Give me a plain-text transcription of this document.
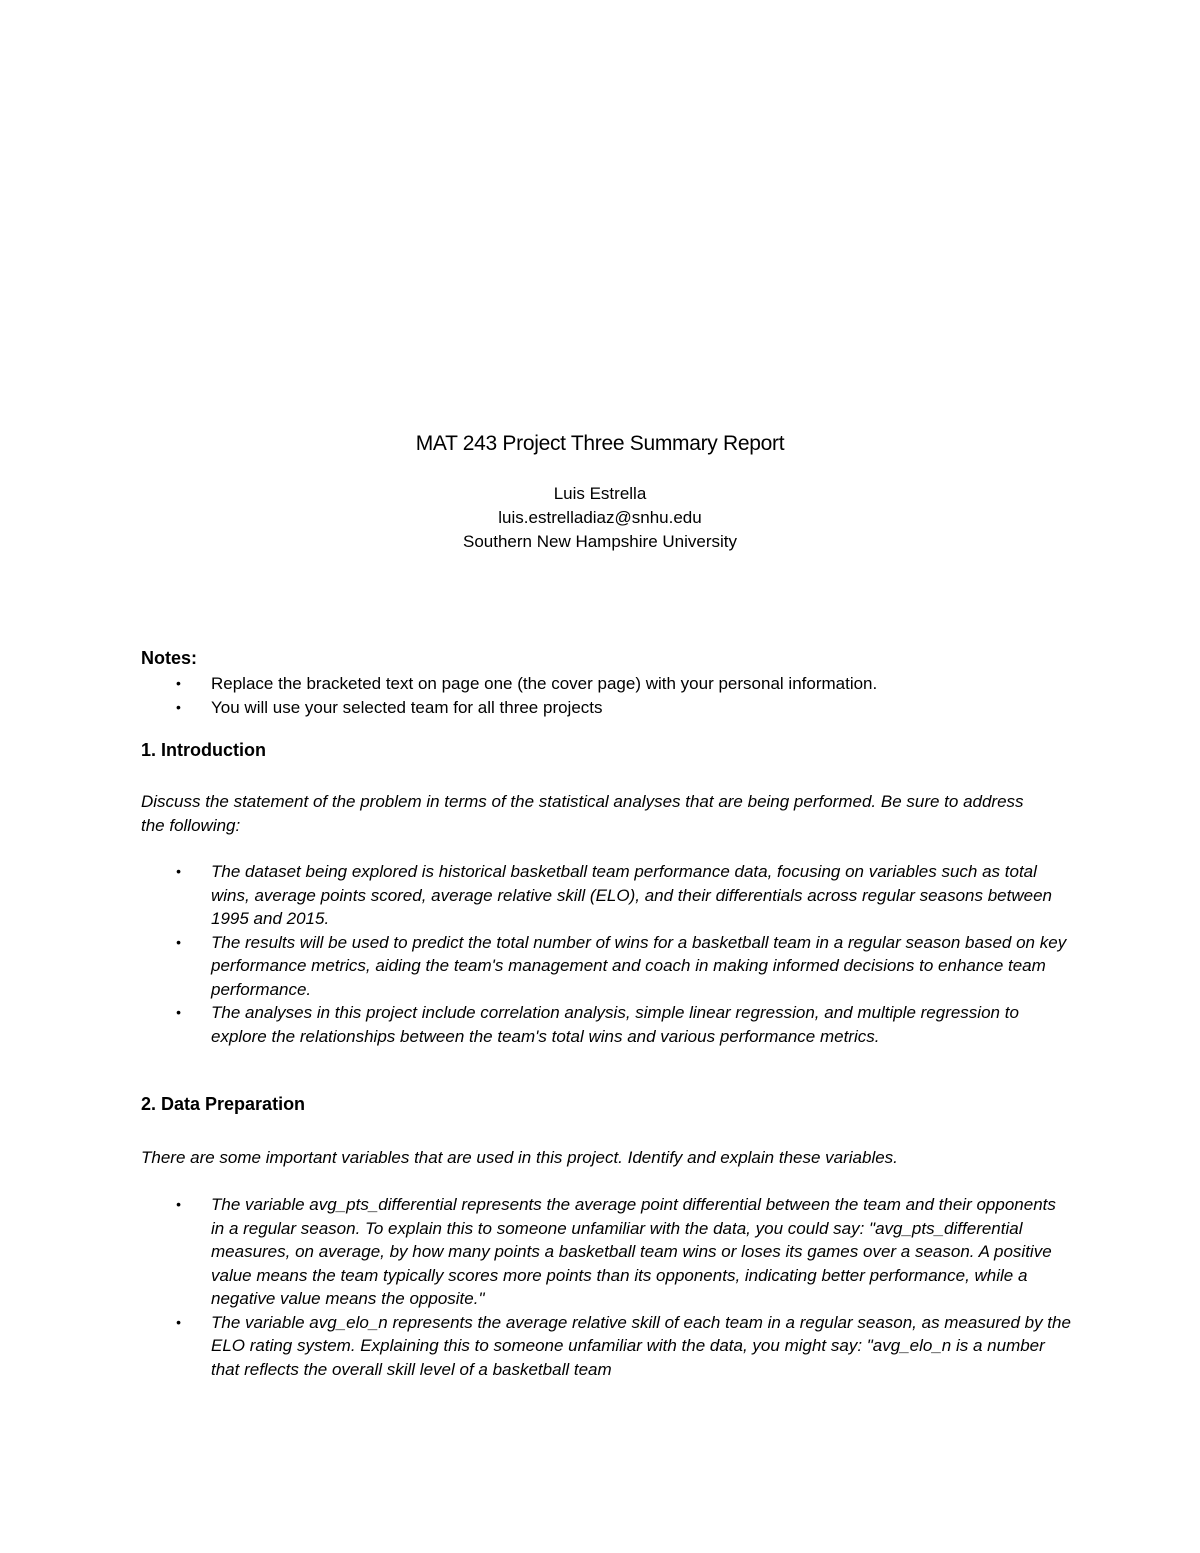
MAT 243 Project Three Summary Report
Luis Estrella
luis.estrelladiaz@snhu.edu
Southern New Hampshire University
Notes:
• Replace the bracketed text on page one (the cover page) with your personal information.
• You will use your selected team for all three projects
1. Introduction
Discuss the statement of the problem in terms of the statistical analyses that are being performed. Be sure to address the following:
• The dataset being explored is historical basketball team performance data, focusing on variables such as total wins, average points scored, average relative skill (ELO), and their differentials across regular seasons between 1995 and 2015.
• The results will be used to predict the total number of wins for a basketball team in a regular season based on key performance metrics, aiding the team's management and coach in making informed decisions to enhance team performance.
• The analyses in this project include correlation analysis, simple linear regression, and multiple regression to explore the relationships between the team's total wins and various performance metrics.
2. Data Preparation
There are some important variables that are used in this project. Identify and explain these variables.
• The variable avg_pts_differential represents the average point differential between the team and their opponents in a regular season. To explain this to someone unfamiliar with the data, you could say: "avg_pts_differential measures, on average, by how many points a basketball team wins or loses its games over a season. A positive value means the team typically scores more points than its opponents, indicating better performance, while a negative value means the opposite."
• The variable avg_elo_n represents the average relative skill of each team in a regular season, as measured by the ELO rating system. Explaining this to someone unfamiliar with the data, you might say: "avg_elo_n is a number that reflects the overall skill level of a basketball team
